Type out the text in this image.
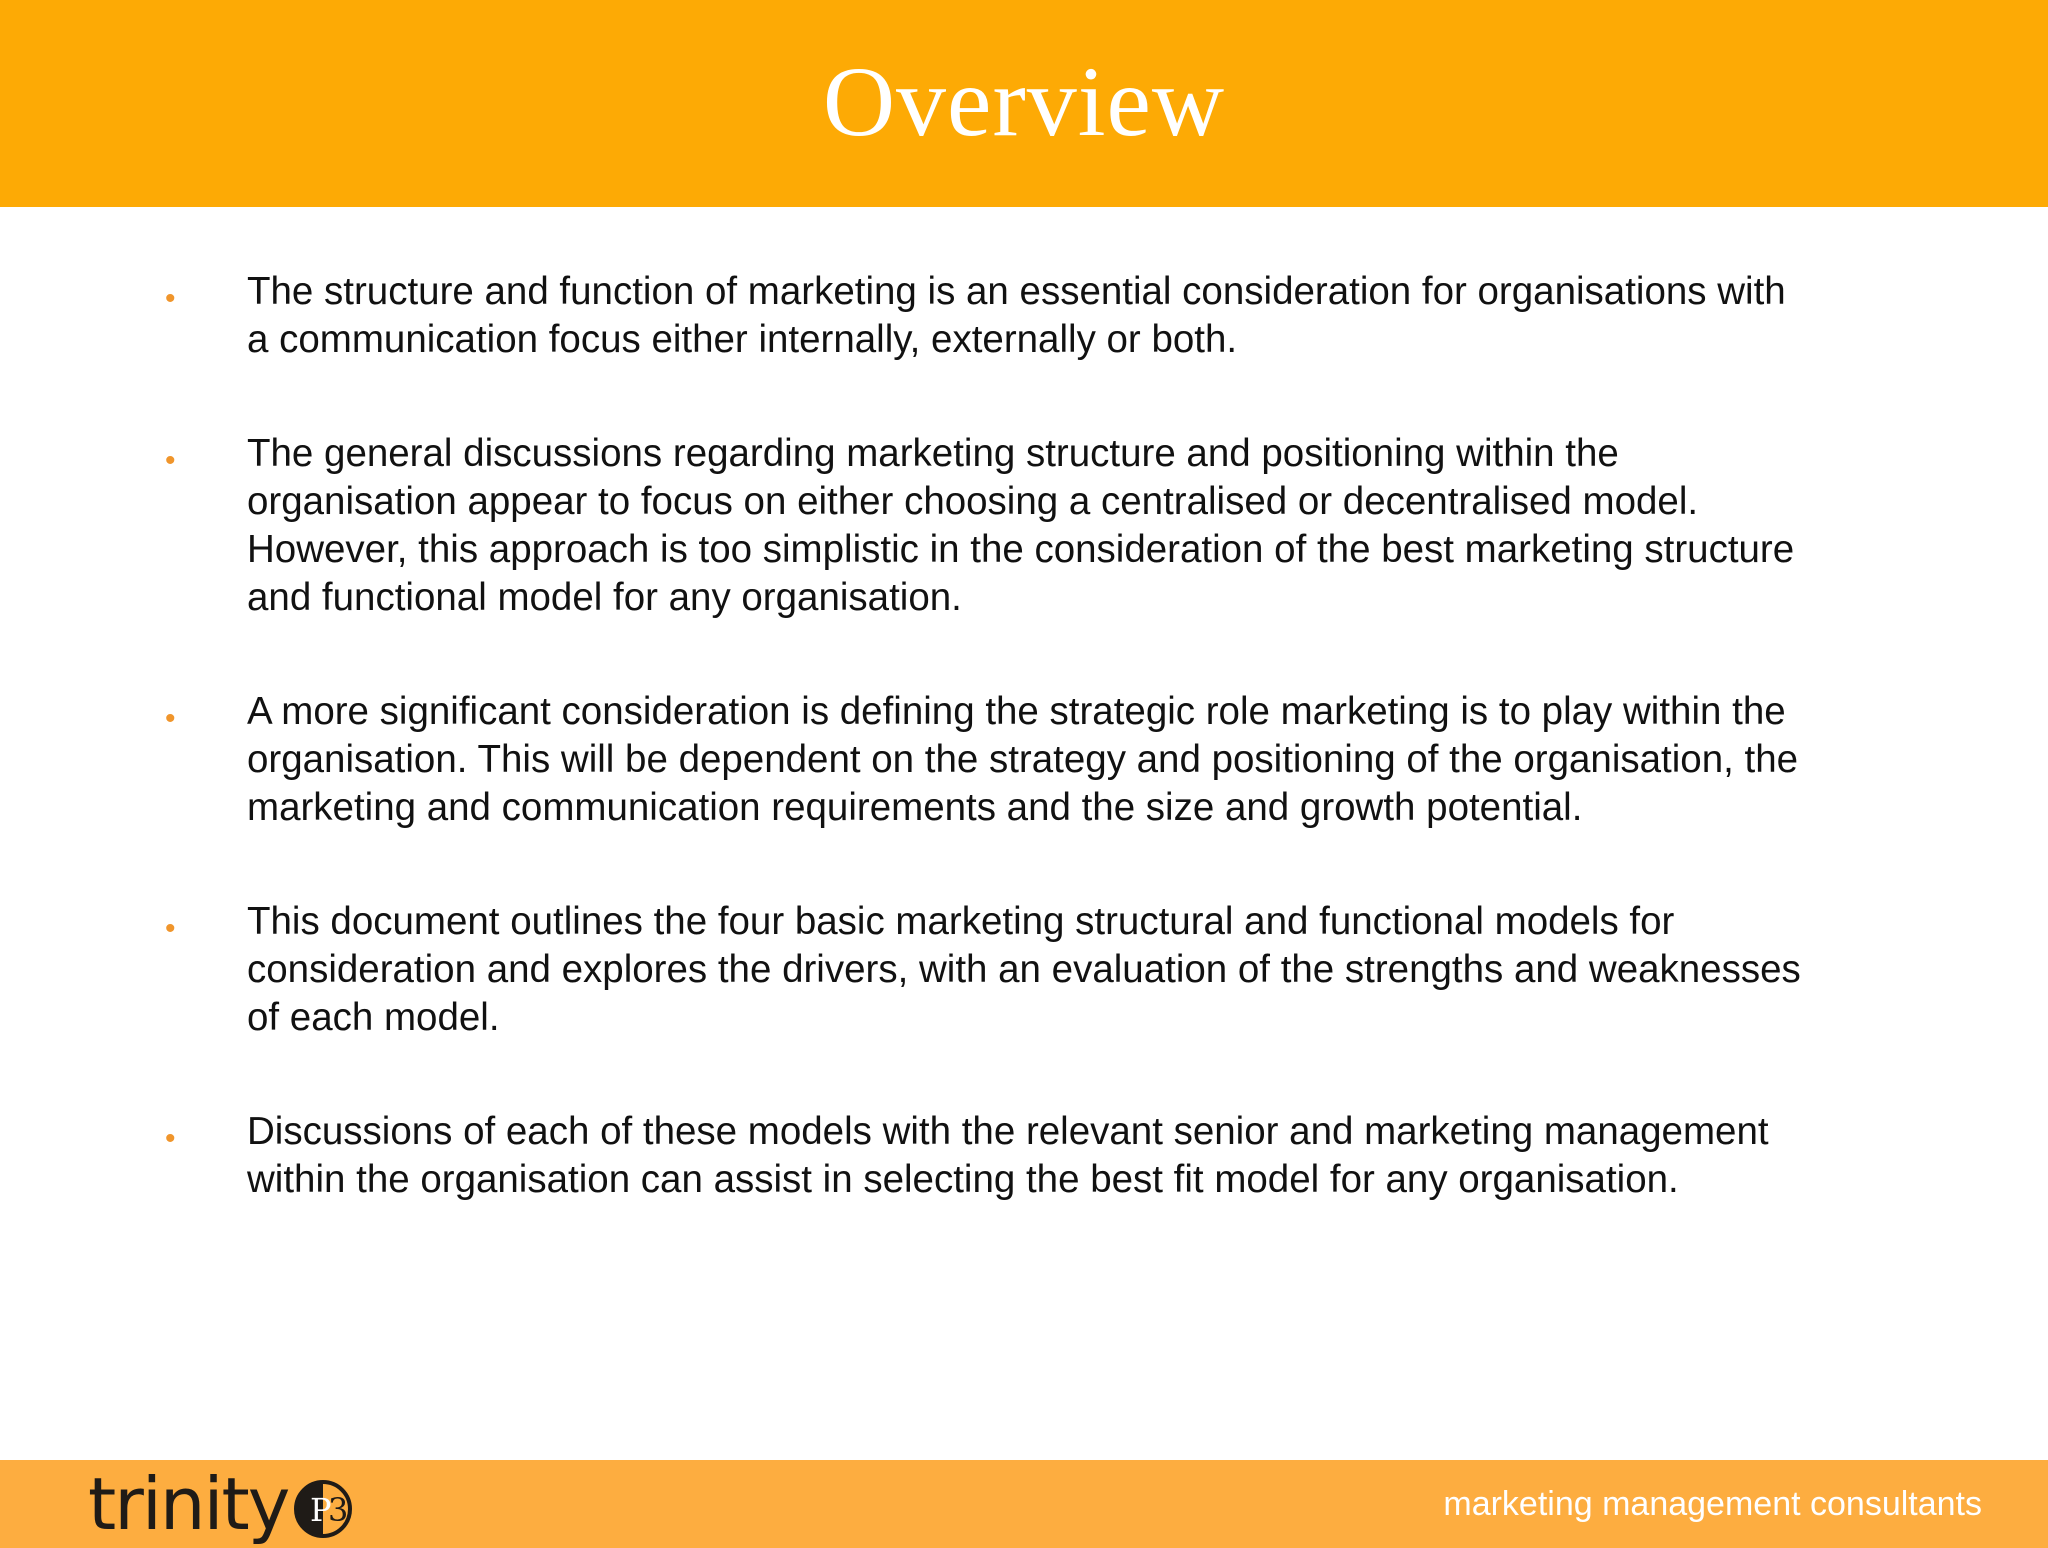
Overview
• The structure and function of marketing is an essential consideration for organisations with a communication focus either internally, externally or both.
• The general discussions regarding marketing structure and positioning within the organisation appear to focus on either choosing a centralised or decentralised model. However, this approach is too simplistic in the consideration of the best marketing structure and functional model for any organisation.
• A more significant consideration is defining the strategic role marketing is to play within the organisation. This will be dependent on the strategy and positioning of the organisation, the marketing and communication requirements and the size and growth potential.
• This document outlines the four basic marketing structural and functional models for consideration and explores the drivers, with an evaluation of the strengths and weaknesses of each model.
• Discussions of each of these models with the relevant senior and marketing management within the organisation can assist in selecting the best fit model for any organisation.
trinity P
3	marketing management consultants
